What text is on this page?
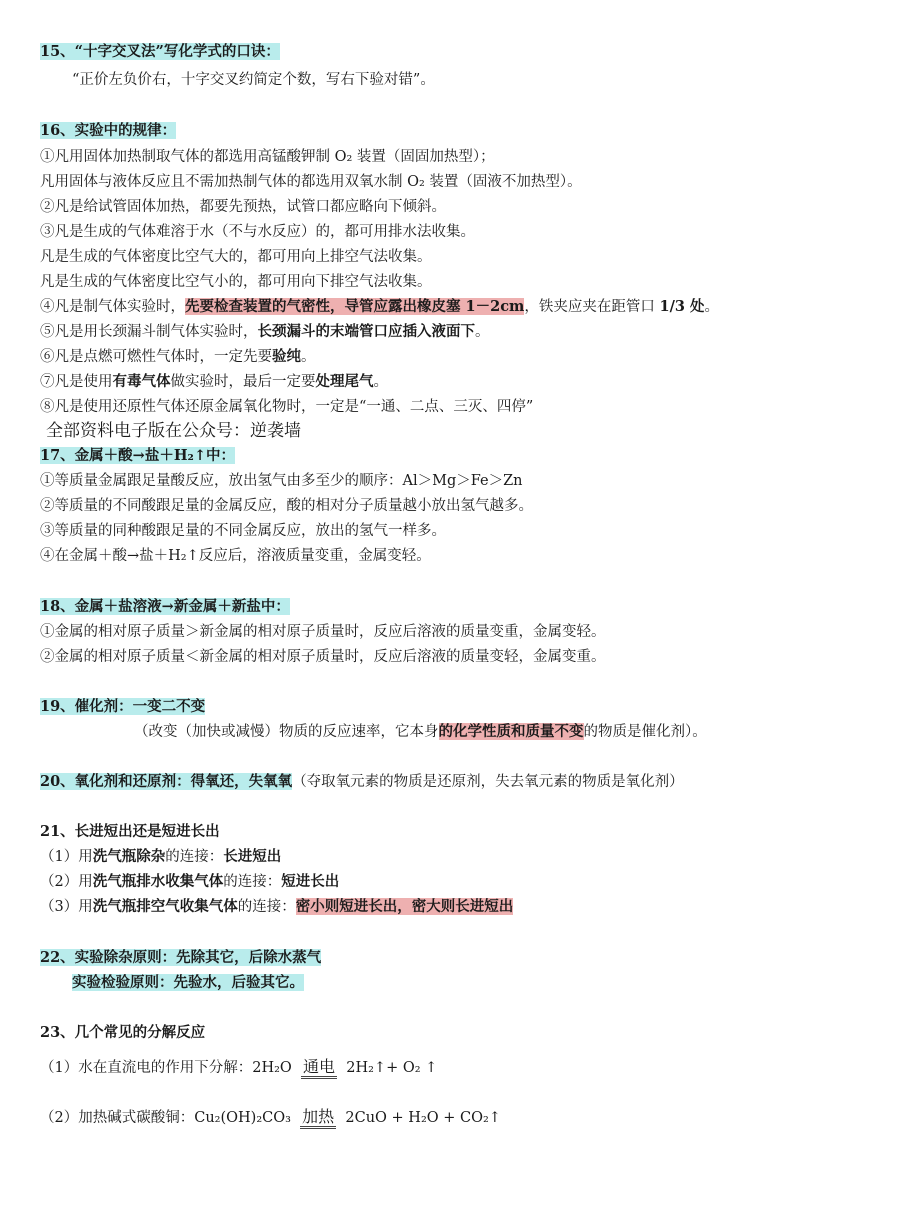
15、“十字交叉法”写化学式的口诀：
“正价左负价右，十字交叉约简定个数，写右下验对错”。
16、实验中的规律：
①凡用固体加热制取气体的都选用高锰酸钾制 O₂ 装置（固固加热型）；
凡用固体与液体反应且不需加热制气体的都选用双氧水制 O₂ 装置（固液不加热型）。
②凡是给试管固体加热，都要先预热，试管口都应略向下倾斜。
③凡是生成的气体难溶于水（不与水反应）的，都可用排水法收集。
凡是生成的气体密度比空气大的，都可用向上排空气法收集。
凡是生成的气体密度比空气小的，都可用向下排空气法收集。
④凡是制气体实验时，先要检查装置的气密性，导管应露出橡皮塞 1－2cm，铁夹应夹在距管口 1/3 处。
⑤凡是用长颈漏斗制气体实验时，长颈漏斗的末端管口应插入液面下。
⑥凡是点燃可燃性气体时，一定先要验纯。
⑦凡是使用有毒气体做实验时，最后一定要处理尾气。
⑧凡是使用还原性气体还原金属氧化物时，一定是“一通、二点、三灭、四停”
全部资料电子版在公众号：逆袭墙
17、金属＋酸→盐＋H₂↑中：
①等质量金属跟足量酸反应，放出氢气由多至少的顺序：Al＞Mg＞Fe＞Zn
②等质量的不同酸跟足量的金属反应，酸的相对分子质量越小放出氢气越多。
③等质量的同种酸跟足量的不同金属反应，放出的氢气一样多。
④在金属＋酸→盐＋H₂↑反应后，溶液质量变重，金属变轻。
18、金属＋盐溶液→新金属＋新盐中：
①金属的相对原子质量＞新金属的相对原子质量时，反应后溶液的质量变重，金属变轻。
②金属的相对原子质量＜新金属的相对原子质量时，反应后溶液的质量变轻，金属变重。
19、催化剂：一变二不变
（改变（加快或减慢）物质的反应速率，它本身的化学性质和质量不变的物质是催化剂）。
20、氧化剂和还原剂：得氧还，失氧氧（夺取氧元素的物质是还原剂，失去氧元素的物质是氧化剂）
21、长进短出还是短进长出
（1）用洗气瓶除杂的连接：长进短出
（2）用洗气瓶排水收集气体的连接：短进长出
（3）用洗气瓶排空气收集气体的连接：密小则短进长出，密大则长进短出
22、实验除杂原则：先除其它，后除水蒸气
实验检验原则：先验水，后验其它。
23、几个常见的分解反应
（1）水在直流电的作用下分解：2H₂O 通电 2H₂↑+ O₂ ↑
（2）加热碱式碳酸铜：Cu₂(OH)₂CO₃ 加热 2CuO + H₂O + CO₂↑
